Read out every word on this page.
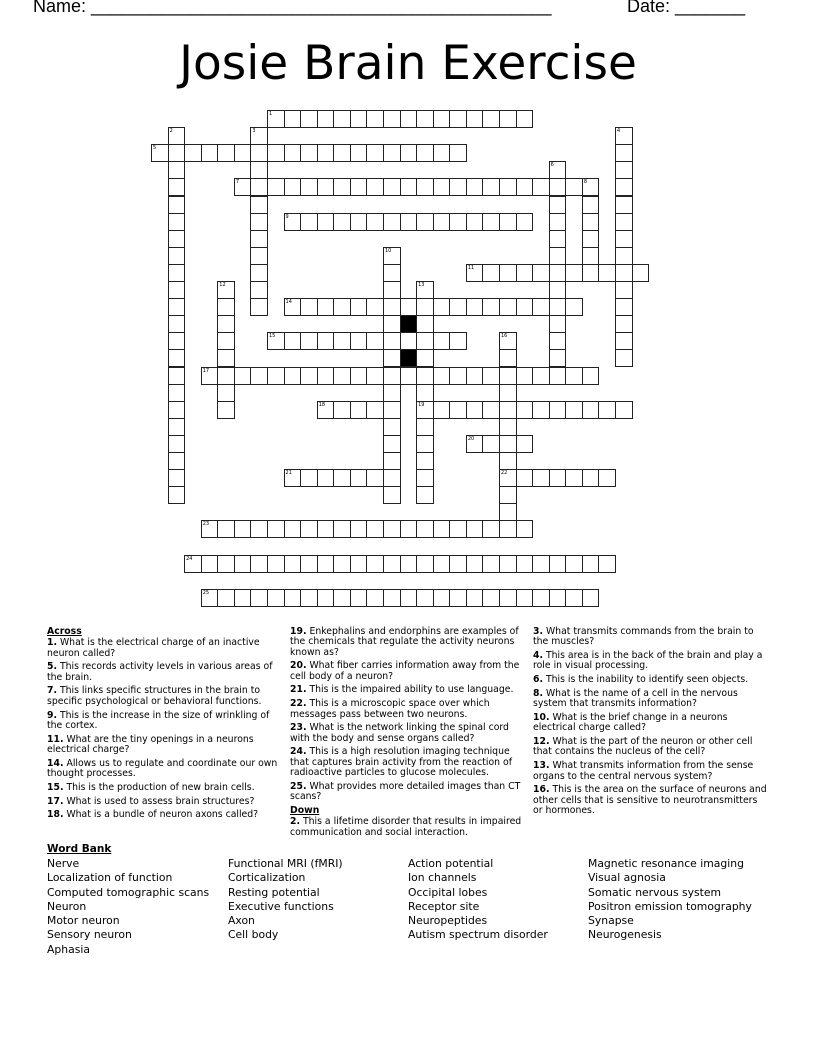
Name: ______________________________________________	Date: _______
Josie Brain Exercise
1
2	3	4
5
6
7	8
9
10
11
12	13
19
14
15	16
22
17
18
20
21
23
24
25
Across
1. What is the electrical charge of an inactive neuron called?
5. This records activity levels in various areas of the brain.
7. This links specific structures in the brain to specific psychological or behavioral functions.
9. This is the increase in the size of wrinkling of the cortex.
11. What are the tiny openings in a neurons electrical charge?
14. Allows us to regulate and coordinate our own thought processes.
15. This is the production of new brain cells.
17. What is used to assess brain structures?
18. What is a bundle of neuron axons called?
19. Enkephalins and endorphins are examples of the chemicals that regulate the activity neurons known as?
20. What fiber carries information away from the cell body of a neuron?
21. This is the impaired ability to use language.
22. This is a microscopic space over which messages pass between two neurons.
23. What is the network linking the spinal cord with the body and sense organs called?
24. This is a high resolution imaging technique that captures brain activity from the reaction of radioactive particles to glucose molecules.
25. What provides more detailed images than CT scans?
Down
2. This a lifetime disorder that results in impaired communication and social interaction.
3. What transmits commands from the brain to the muscles?
4. This area is in the back of the brain and play a role in visual processing.
6. This is the inability to identify seen objects.
8. What is the name of a cell in the nervous system that transmits information?
10. What is the brief change in a neurons electrical charge called?
12. What is the part of the neuron or other cell that contains the nucleus of the cell?
13. What transmits information from the sense organs to the central nervous system?
16. This is the area on the surface of neurons and other cells that is sensitive to neurotransmitters or hormones.
Word Bank
Nerve
Localization of function
Computed tomographic scans
Neuron
Motor neuron
Sensory neuron
Aphasia
Functional MRI (fMRI)
Corticalization
Resting potential
Executive functions
Axon
Cell body
Action potential
Ion channels
Occipital lobes
Receptor site
Neuropeptides
Autism spectrum disorder
Magnetic resonance imaging
Visual agnosia
Somatic nervous system
Positron emission tomography
Synapse
Neurogenesis
